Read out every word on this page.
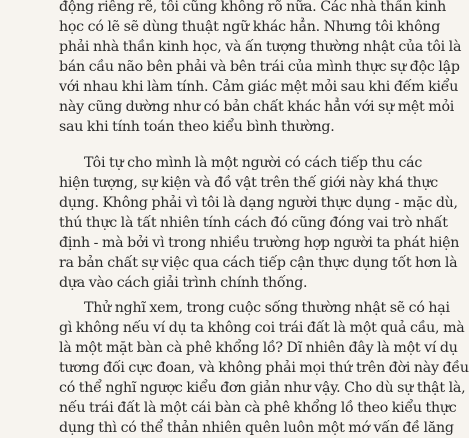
động riêng rẽ, tôi cũng không rõ nữa. Các nhà thần kinh
học có lẽ sẽ dùng thuật ngữ khác hẳn. Nhưng tôi không
phải nhà thần kinh học, và ấn tượng thường nhật của tôi là
bán cầu não bên phải và bên trái của mình thực sự độc lập
với nhau khi làm tính. Cảm giác mệt mỏi sau khi đếm kiểu
này cũng dường như có bản chất khác hẳn với sự mệt mỏi
sau khi tính toán theo kiểu bình thường.
Tôi tự cho mình là một người có cách tiếp thu các
hiện tượng, sự kiện và đồ vật trên thế giới này khá thực
dụng. Không phải vì tôi là dạng người thực dụng - mặc dù,
thú thực là tất nhiên tính cách đó cũng đóng vai trò nhất
định - mà bởi vì trong nhiều trường hợp người ta phát hiện
ra bản chất sự việc qua cách tiếp cận thực dụng tốt hơn là
dựa vào cách giải trình chính thống.
Thử nghĩ xem, trong cuộc sống thường nhật sẽ có hại
gì không nếu ví dụ ta không coi trái đất là một quả cầu, mà
là một mặt bàn cà phê khổng lồ? Dĩ nhiên đây là một ví dụ
tương đối cực đoan, và không phải mọi thứ trên đời này đều
có thể nghĩ ngược kiểu đơn giản như vậy. Cho dù sự thật là,
nếu trái đất là một cái bàn cà phê khổng lồ theo kiểu thực
dụng thì có thể thản nhiên quên luôn một mớ vấn đề lăng
